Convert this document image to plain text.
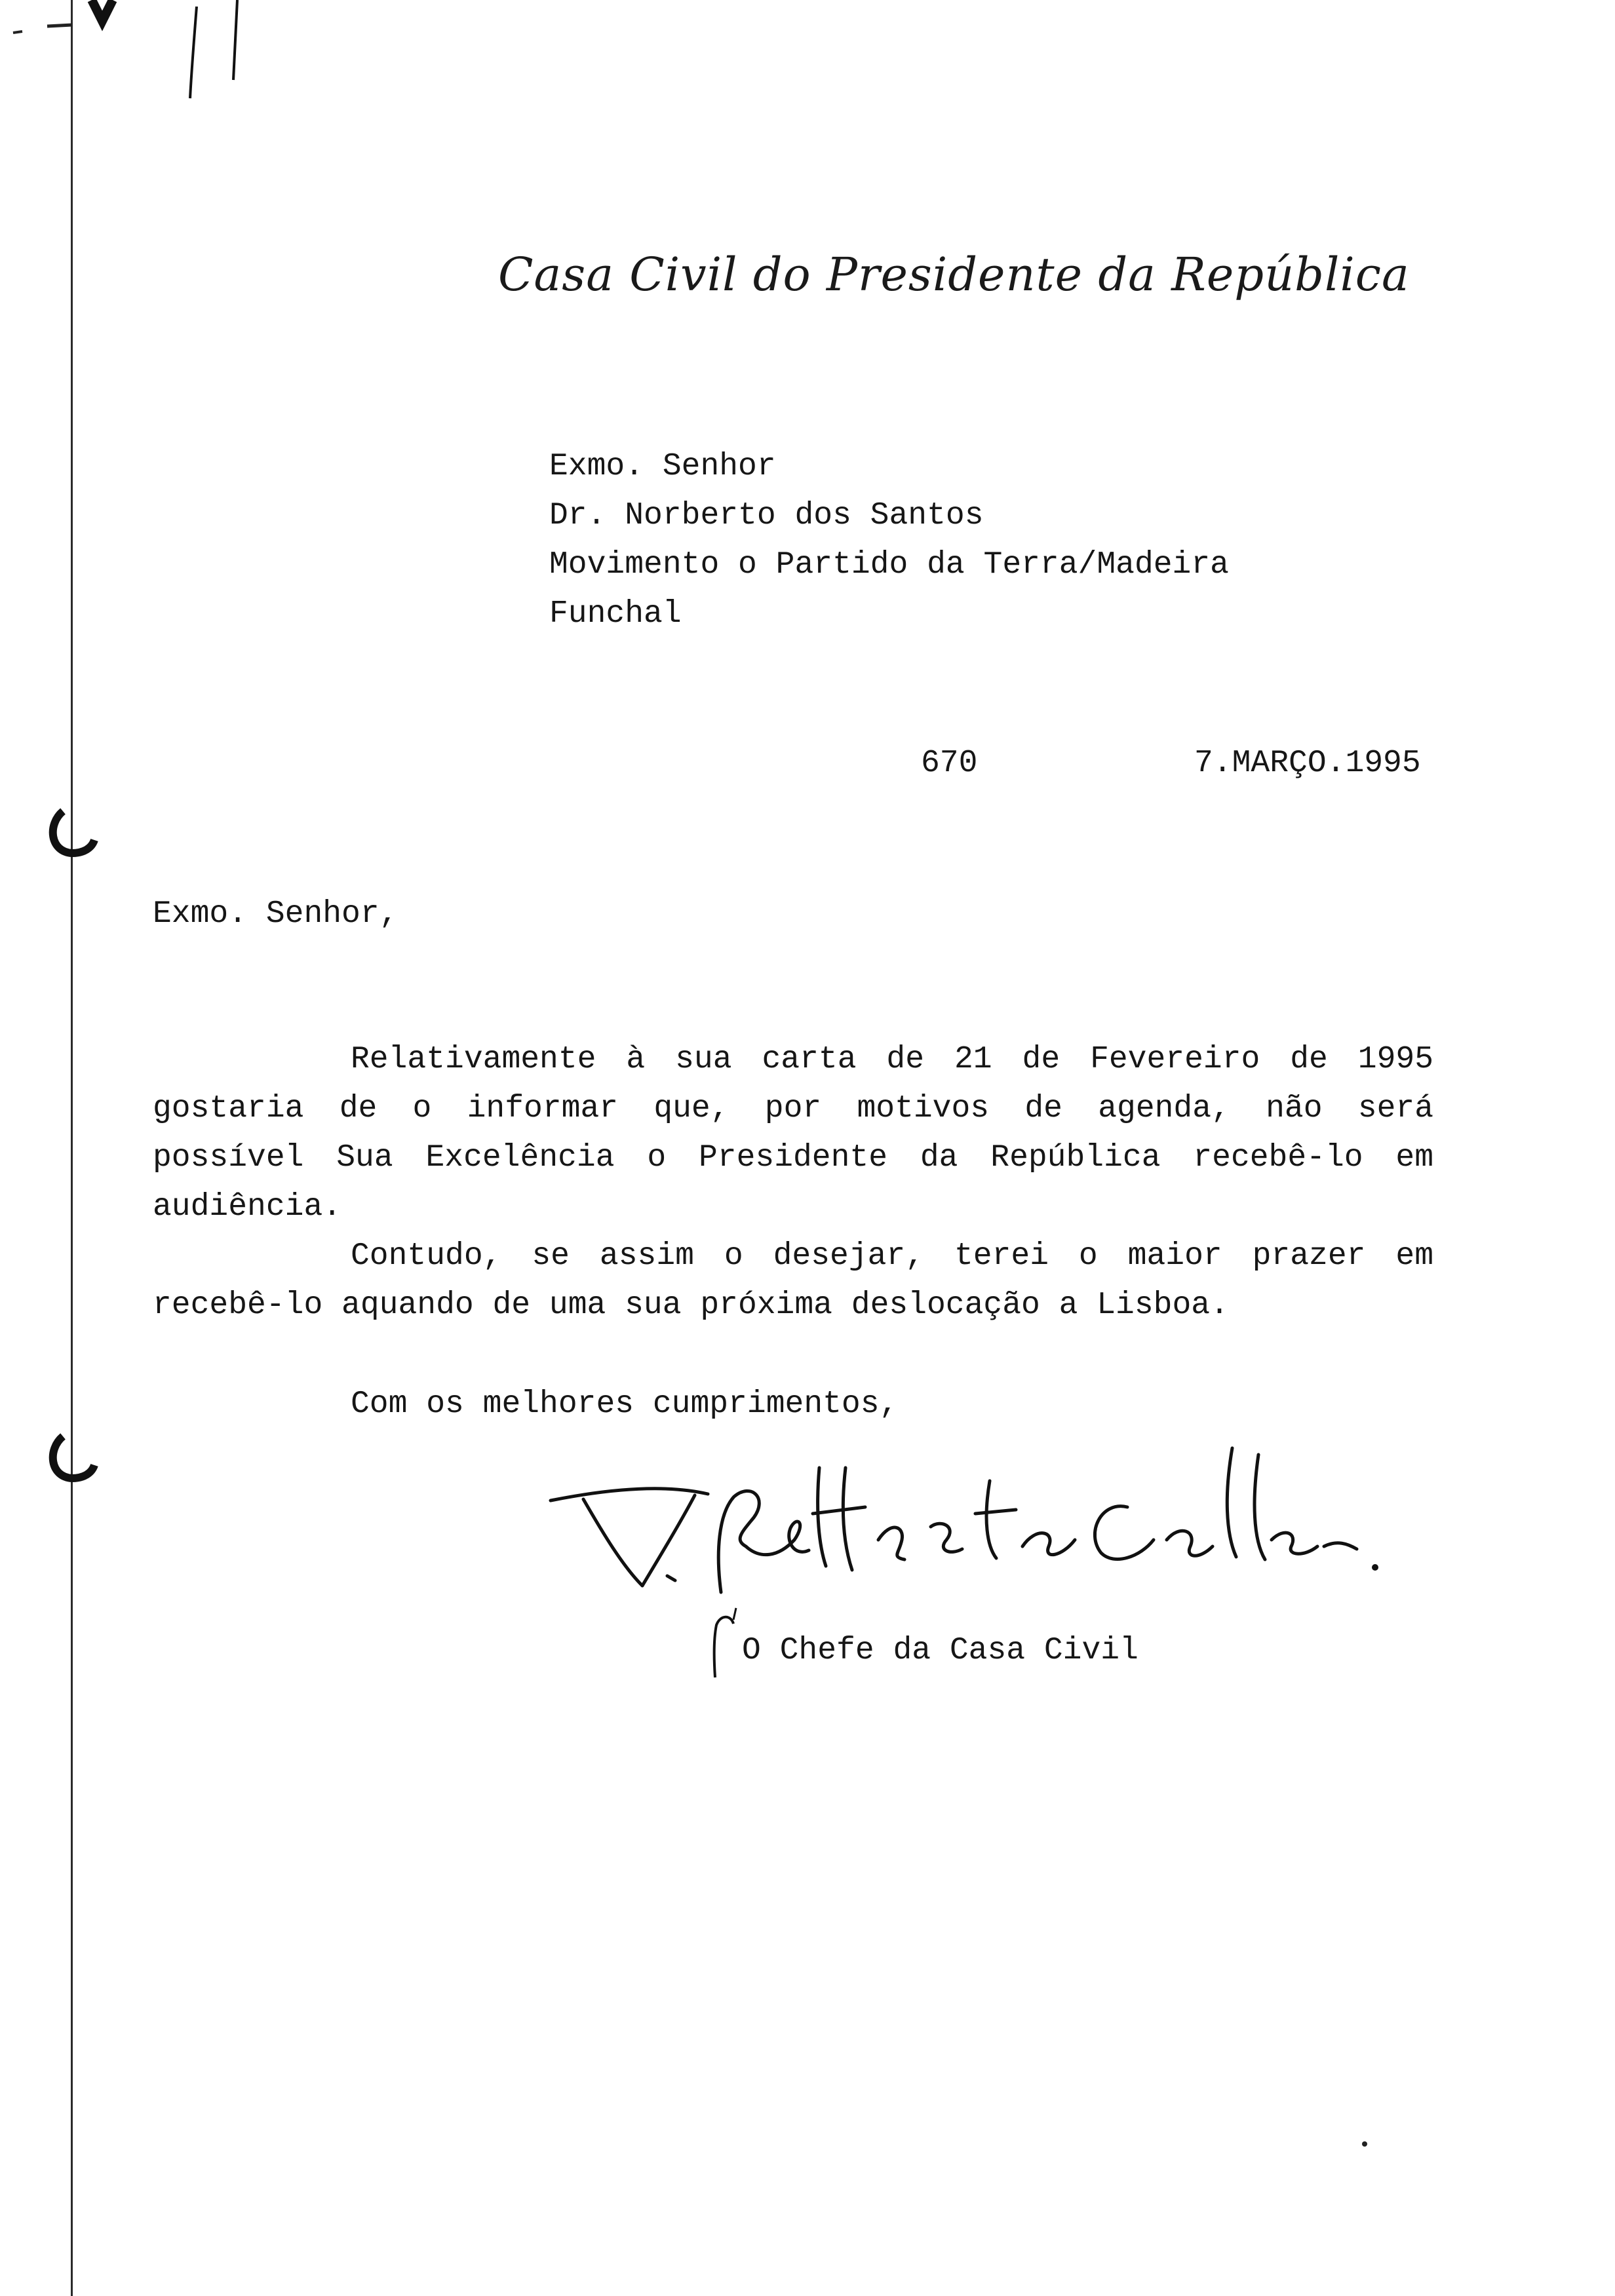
Casa Civil do Presidente da República
Exmo. Senhor
Dr. Norberto dos Santos
Movimento o Partido da Terra/Madeira
Funchal
670	7.MARÇO.1995
Exmo. Senhor,
Relativamente à sua carta de 21 de Fevereiro de 1995
gostaria de o informar que, por motivos de agenda, não será
possível Sua Excelência o Presidente da República recebê-lo em
audiência.
Contudo, se assim o desejar, terei o maior prazer em
recebê-lo aquando de uma sua próxima deslocação a Lisboa.
Com os melhores cumprimentos,
O Chefe da Casa Civil
